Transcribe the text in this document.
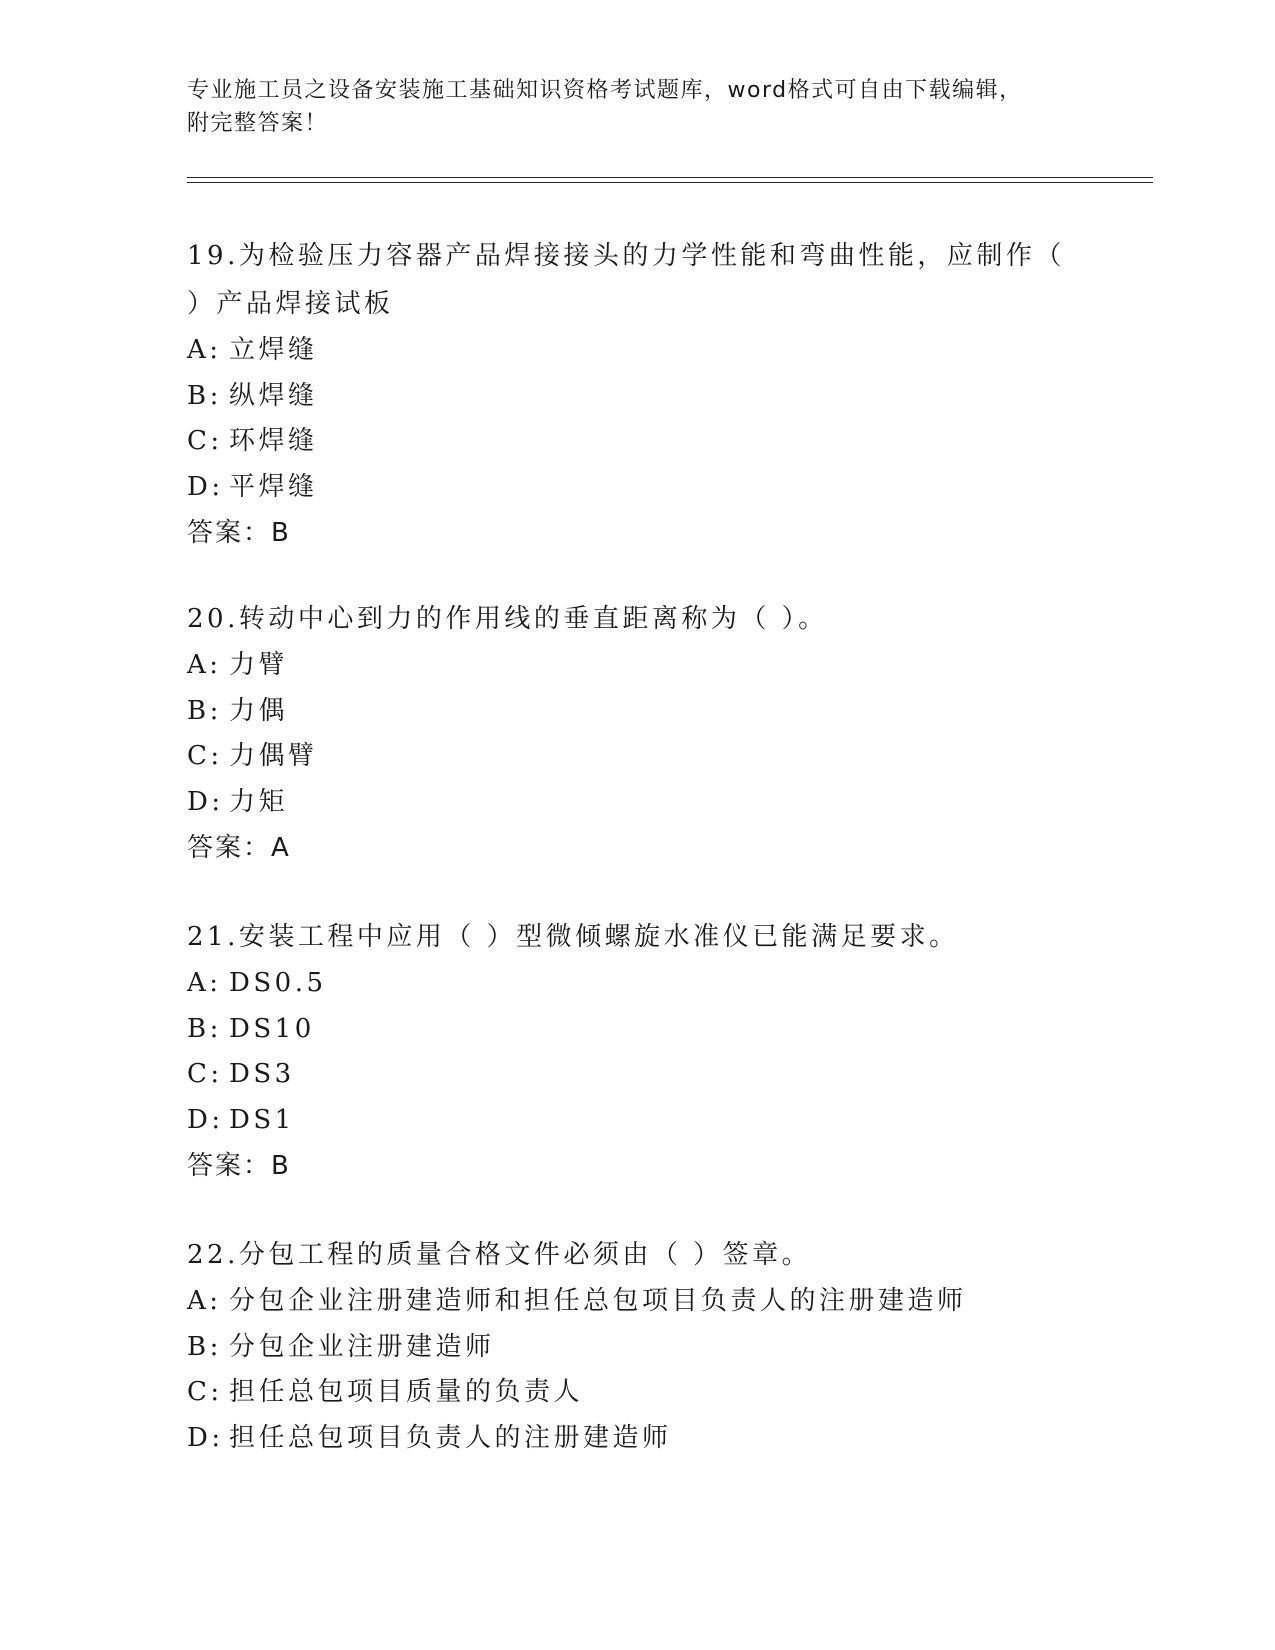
专业施工员之设备安装施工基础知识资格考试题库，word格式可自由下载编辑，
附完整答案！

19.为检验压力容器产品焊接接头的力学性能和弯曲性能，应制作（ ）产品焊接试板

A: 立焊缝

B: 纵焊缝

C: 环焊缝

D: 平焊缝

答案：B

20.转动中心到力的作用线的垂直距离称为（ ）。

A: 力臂

B: 力偶

C: 力偶臂

D: 力矩

答案：A

21.安装工程中应用（ ）型微倾螺旋水准仪已能满足要求。

A: DS0.5

B: DS10

C: DS3

D: DS1

答案：B

22.分包工程的质量合格文件必须由（ ）签章。

A: 分包企业注册建造师和担任总包项目负责人的注册建造师

B: 分包企业注册建造师

C: 担任总包项目质量的负责人

D: 担任总包项目负责人的注册建造师
